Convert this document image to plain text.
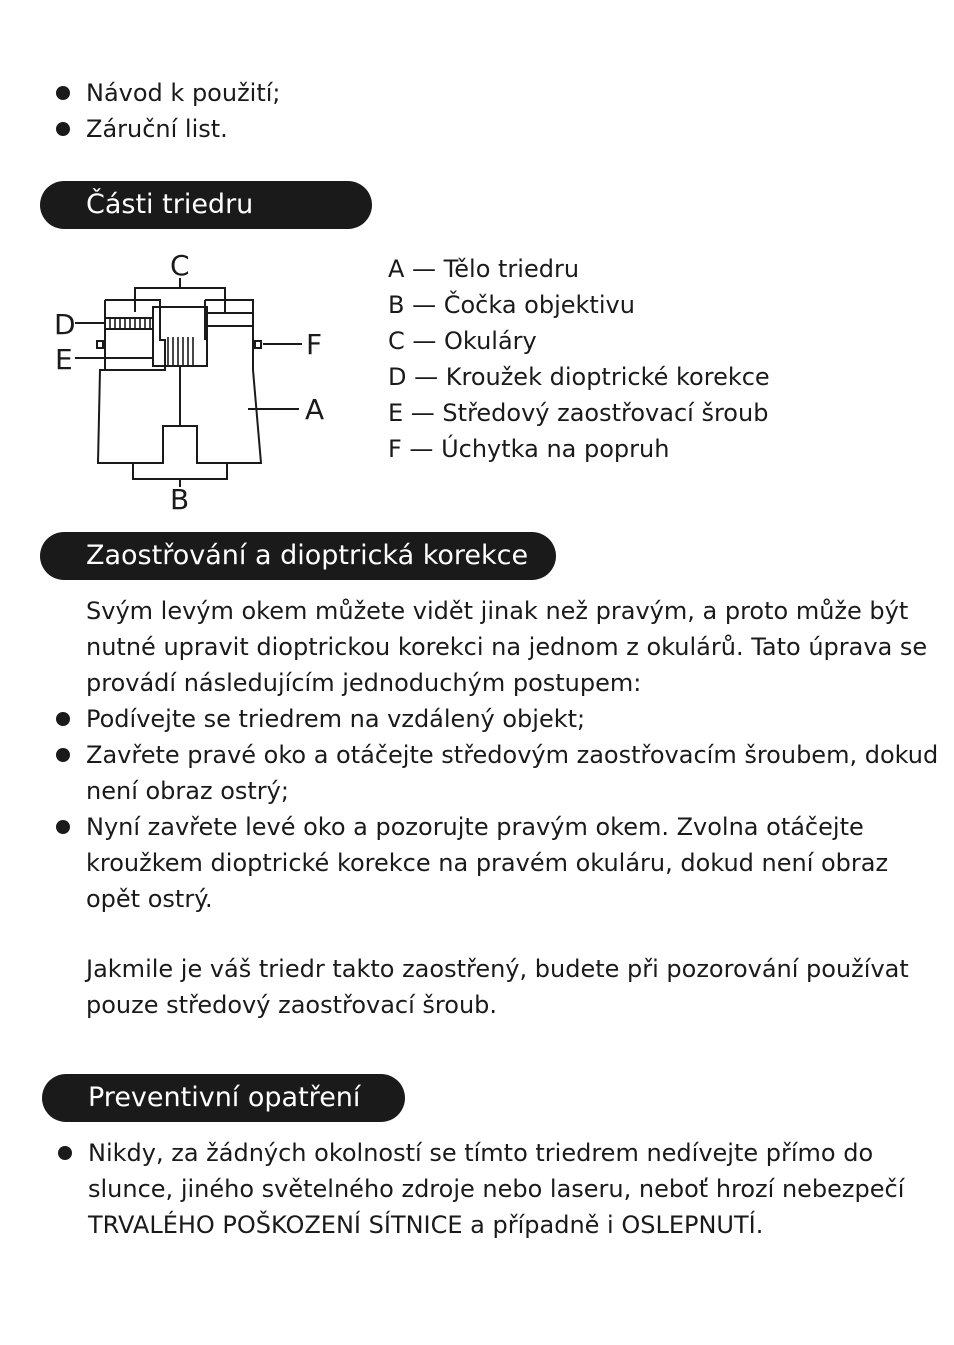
Návod k použití;
Záruční list.
Části triedru
C
D
E	F
A
B
A — Tělo triedru
B — Čočka objektivu
C — Okuláry
D — Kroužek dioptrické korekce
E — Středový zaostřovací šroub
F — Úchytka na popruh
Zaostřování a dioptrická korekce
Svým levým okem můžete vidět jinak než pravým, a proto může být
nutné upravit dioptrickou korekci na jednom z okulárů. Tato úprava se
provádí následujícím jednoduchým postupem:
Podívejte se triedrem na vzdálený objekt;
Zavřete pravé oko a otáčejte středovým zaostřovacím šroubem, dokud
není obraz ostrý;
Nyní zavřete levé oko a pozorujte pravým okem. Zvolna otáčejte
kroužkem dioptrické korekce na pravém okuláru, dokud není obraz
opět ostrý.
Jakmile je váš triedr takto zaostřený, budete při pozorování používat
pouze středový zaostřovací šroub.
Preventivní opatření
Nikdy, za žádných okolností se tímto triedrem nedívejte přímo do
slunce, jiného světelného zdroje nebo laseru, neboť hrozí nebezpečí
TRVALÉHO POŠKOZENÍ SÍTNICE a případně i OSLEPNUTÍ.
